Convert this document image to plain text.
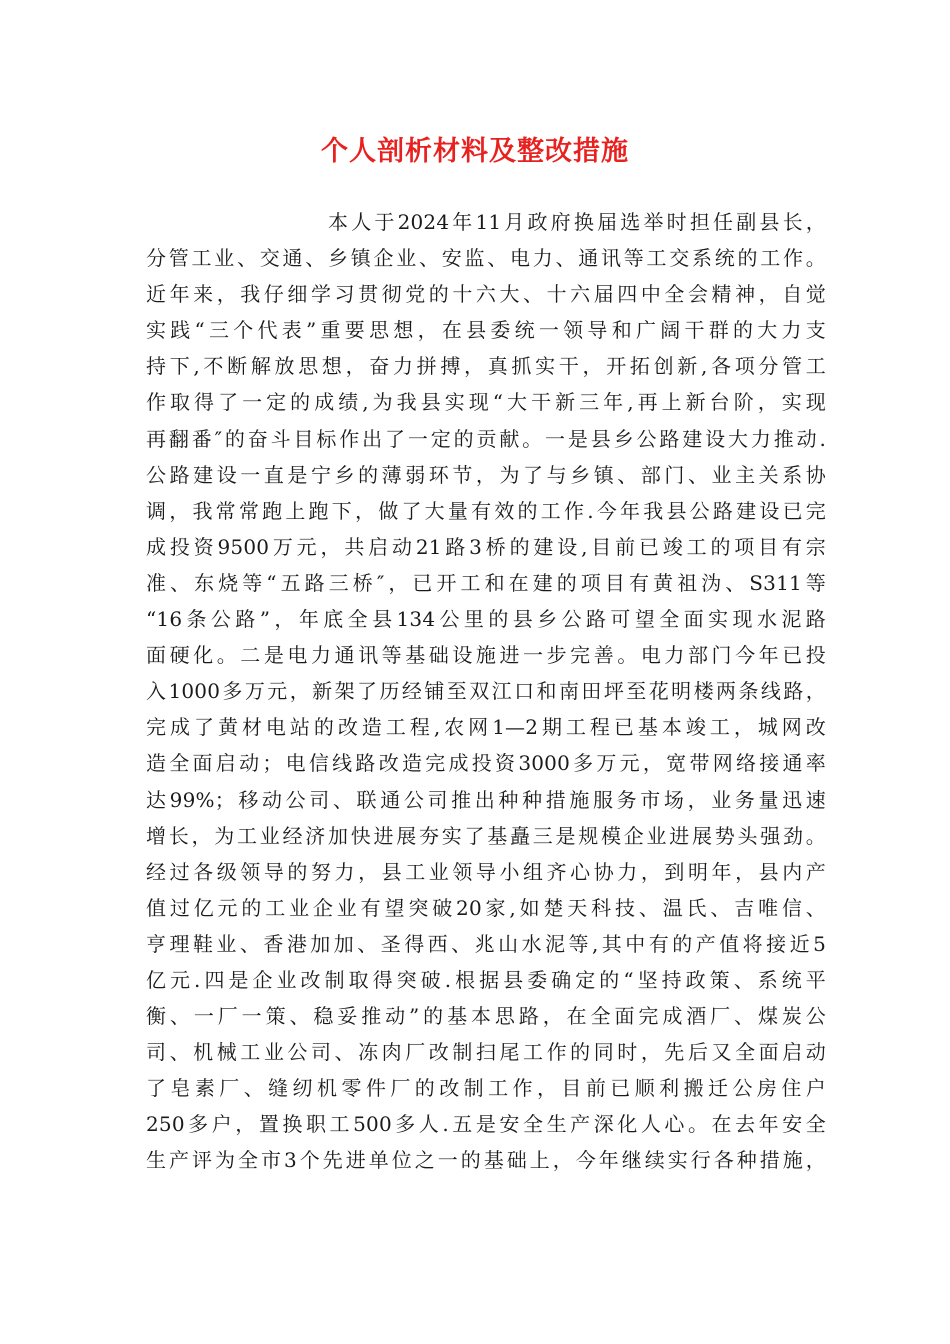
个人剖析材料及整改措施
本人于2024年11月政府换届选举时担任副县长，
分管工业、交通、乡镇企业、安监、电力、通讯等工交系统的工作。
近年来，我仔细学习贯彻党的十六大、十六届四中全会精神，自觉
实践“三个代表”重要思想，在县委统一领导和广阔干群的大力支
持下,不断解放思想，奋力拼搏，真抓实干，开拓创新,各项分管工
作取得了一定的成绩,为我县实现“大干新三年,再上新台阶，实现
再翻番″的奋斗目标作出了一定的贡献。一是县乡公路建设大力推动.
公路建设一直是宁乡的薄弱环节，为了与乡镇、部门、业主关系协
调，我常常跑上跑下，做了大量有效的工作.今年我县公路建设已完
成投资9500万元，共启动21路3桥的建设,目前已竣工的项目有宗
准、东烧等“五路三桥″，已开工和在建的项目有黄祖沩、S311等
“16条公路”，年底全县134公里的县乡公路可望全面实现水泥路
面硬化。二是电力通讯等基础设施进一步完善。电力部门今年已投
入1000多万元，新架了历经铺至双江口和南田坪至花明楼两条线路，
完成了黄材电站的改造工程,农网1—2期工程已基本竣工，城网改
造全面启动；电信线路改造完成投资3000多万元，宽带网络接通率
达99%；移动公司、联通公司推出种种措施服务市场，业务量迅速
增长，为工业经济加快进展夯实了基矗三是规模企业进展势头强劲。
经过各级领导的努力，县工业领导小组齐心协力，到明年，县内产
值过亿元的工业企业有望突破20家,如楚天科技、温氏、吉唯信、
亨理鞋业、香港加加、圣得西、兆山水泥等,其中有的产值将接近5
亿元.四是企业改制取得突破.根据县委确定的“坚持政策、系统平
衡、一厂一策、稳妥推动”的基本思路，在全面完成酒厂、煤炭公
司、机械工业公司、冻肉厂改制扫尾工作的同时，先后又全面启动
了皂素厂、缝纫机零件厂的改制工作，目前已顺利搬迁公房住户
250多户，置换职工500多人.五是安全生产深化人心。在去年安全
生产评为全市3个先进单位之一的基础上，今年继续实行各种措施，
